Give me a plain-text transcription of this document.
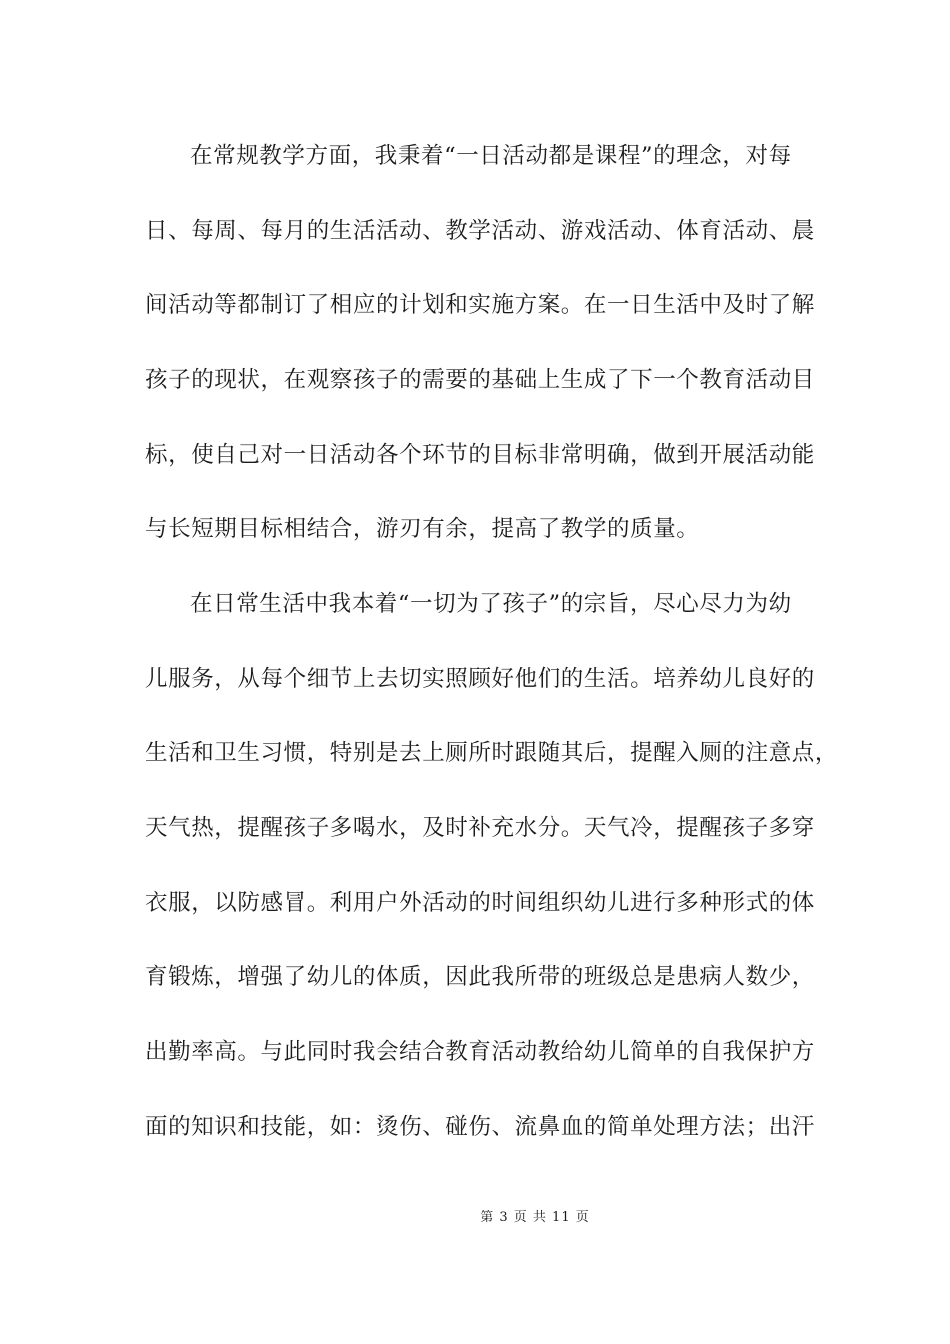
在常规教学方面，我秉着“一日活动都是课程”的理念，对每
日、每周、每月的生活活动、教学活动、游戏活动、体育活动、晨
间活动等都制订了相应的计划和实施方案。在一日生活中及时了解
孩子的现状，在观察孩子的需要的基础上生成了下一个教育活动目
标，使自己对一日活动各个环节的目标非常明确，做到开展活动能
与长短期目标相结合，游刃有余，提高了教学的质量。
在日常生活中我本着“一切为了孩子”的宗旨，尽心尽力为幼
儿服务，从每个细节上去切实照顾好他们的生活。培养幼儿良好的
生活和卫生习惯，特别是去上厕所时跟随其后，提醒入厕的注意点，
天气热，提醒孩子多喝水，及时补充水分。天气冷，提醒孩子多穿
衣服，以防感冒。利用户外活动的时间组织幼儿进行多种形式的体
育锻炼，增强了幼儿的体质，因此我所带的班级总是患病人数少，
出勤率高。与此同时我会结合教育活动教给幼儿简单的自我保护方
面的知识和技能，如：烫伤、碰伤、流鼻血的简单处理方法；出汗
第 3 页 共 11 页
